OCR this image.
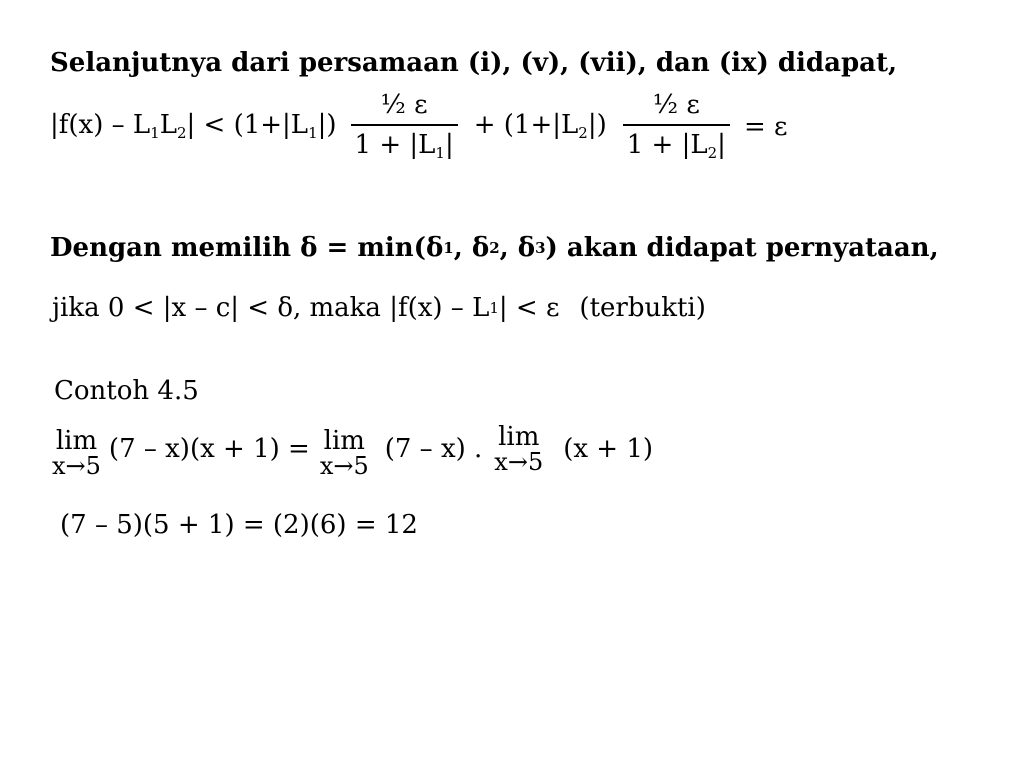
Selanjutnya dari persamaan (i), (v), (vii), dan (ix) didapat,
$|f(x) - L_1L_2| < (1+|L_1|) \frac{\text{½ ε}}{1 + |L_1|} + (1+|L_2|) \frac{\text{½ ε}}{1 + |L_2|} = \varepsilon$
Dengan memilih δ = min(δ 1 , δ 2 , δ 3 ) akan didapat pernyataan,
jika 0 < |x – c| < δ, maka |f(x) – L 1 | < ε (terbukti)
Contoh 4.5
lim
x→5
(7 – x)(x + 1) = lim
x→5
(7 – x) . lim
x→5 (x + 1)
(7 – 5)(5 + 1) = (2)(6) = 12
